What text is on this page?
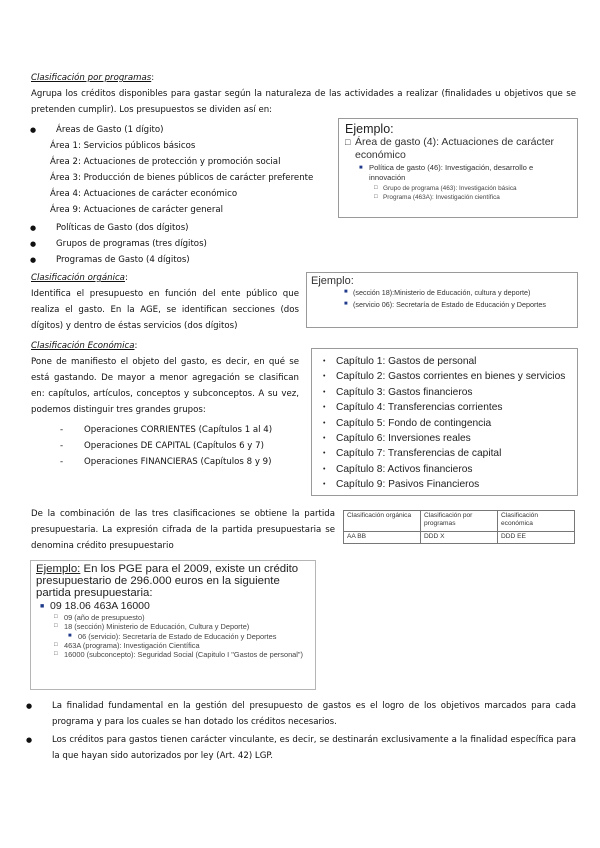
Clasificación por programas:
Agrupa los créditos disponibles para gastar según la naturaleza de las actividades a realizar (finalidades u objetivos que se pretenden cumplir). Los presupuestos se dividen así en:
● Áreas de Gasto (1 dígito)
Área 1: Servicios públicos básicos
Área 2: Actuaciones de protección y promoción social
Área 3: Producción de bienes públicos de carácter preferente
Área 4: Actuaciones de carácter económico
Área 9: Actuaciones de carácter general
● Políticas de Gasto (dos dígitos)
● Grupos de programas (tres dígitos)
● Programas de Gasto (4 dígitos)
Ejemplo:
□ Área de gasto (4): Actuaciones de carácter económico
■ Política de gasto (46): Investigación, desarrollo e innovación
□ Grupo de programa (463): Investigación básica
□ Programa (463A): Investigación científica
Clasificación orgánica:
Identifica el presupuesto en función del ente público que realiza el gasto. En la AGE, se identifican secciones (dos dígitos) y dentro de éstas servicios (dos dígitos)
Ejemplo:
■ (sección 18):Ministerio de Educación, cultura y deporte)
■ (servicio 06): Secretaría de Estado de Educación y Deportes
Clasificación Económica:
Pone de manifiesto el objeto del gasto, es decir, en qué se está gastando. De mayor a menor agregación se clasifican en: capítulos, artículos, conceptos y subconceptos. A su vez, podemos distinguir tres grandes grupos:
- Operaciones CORRIENTES (Capítulos 1 al 4)
- Operaciones DE CAPITAL (Capítulos 6 y 7)
- Operaciones FINANCIERAS (Capítulos 8 y 9)
• Capítulo 1: Gastos de personal
• Capítulo 2: Gastos corrientes en bienes y servicios
• Capítulo 3: Gastos financieros
• Capítulo 4: Transferencias corrientes
• Capítulo 5: Fondo de contingencia
• Capítulo 6: Inversiones reales
• Capítulo 7: Transferencias de capital
• Capítulo 8: Activos financieros
• Capítulo 9: Pasivos Financieros
De la combinación de las tres clasificaciones se obtiene la partida presupuestaria. La expresión cifrada de la partida presupuestaria se denomina crédito presupuestario
Clasificación orgánica	Clasificación por programas	Clasificación económica
AA BB	DDD X	DDD EE
Ejemplo: En los PGE para el 2009, existe un crédito presupuestario de 296.000 euros en la siguiente partida presupuestaria:
■ 09 18.06 463A 16000
□ 09 (año de presupuesto)
□ 18 (sección) Ministerio de Educación, Cultura y Deporte)
■ 06 (servicio): Secretaría de Estado de Educación y Deportes
□ 463A (programa): Investigación Científica
□ 16000 (subconcepto): Seguridad Social (Capitulo I "Gastos de personal")
● La finalidad fundamental en la gestión del presupuesto de gastos es el logro de los objetivos marcados para cada programa y para los cuales se han dotado los créditos necesarios.
● Los créditos para gastos tienen carácter vinculante, es decir, se destinarán exclusivamente a la finalidad específica para la que hayan sido autorizados por ley (Art. 42) LGP.
